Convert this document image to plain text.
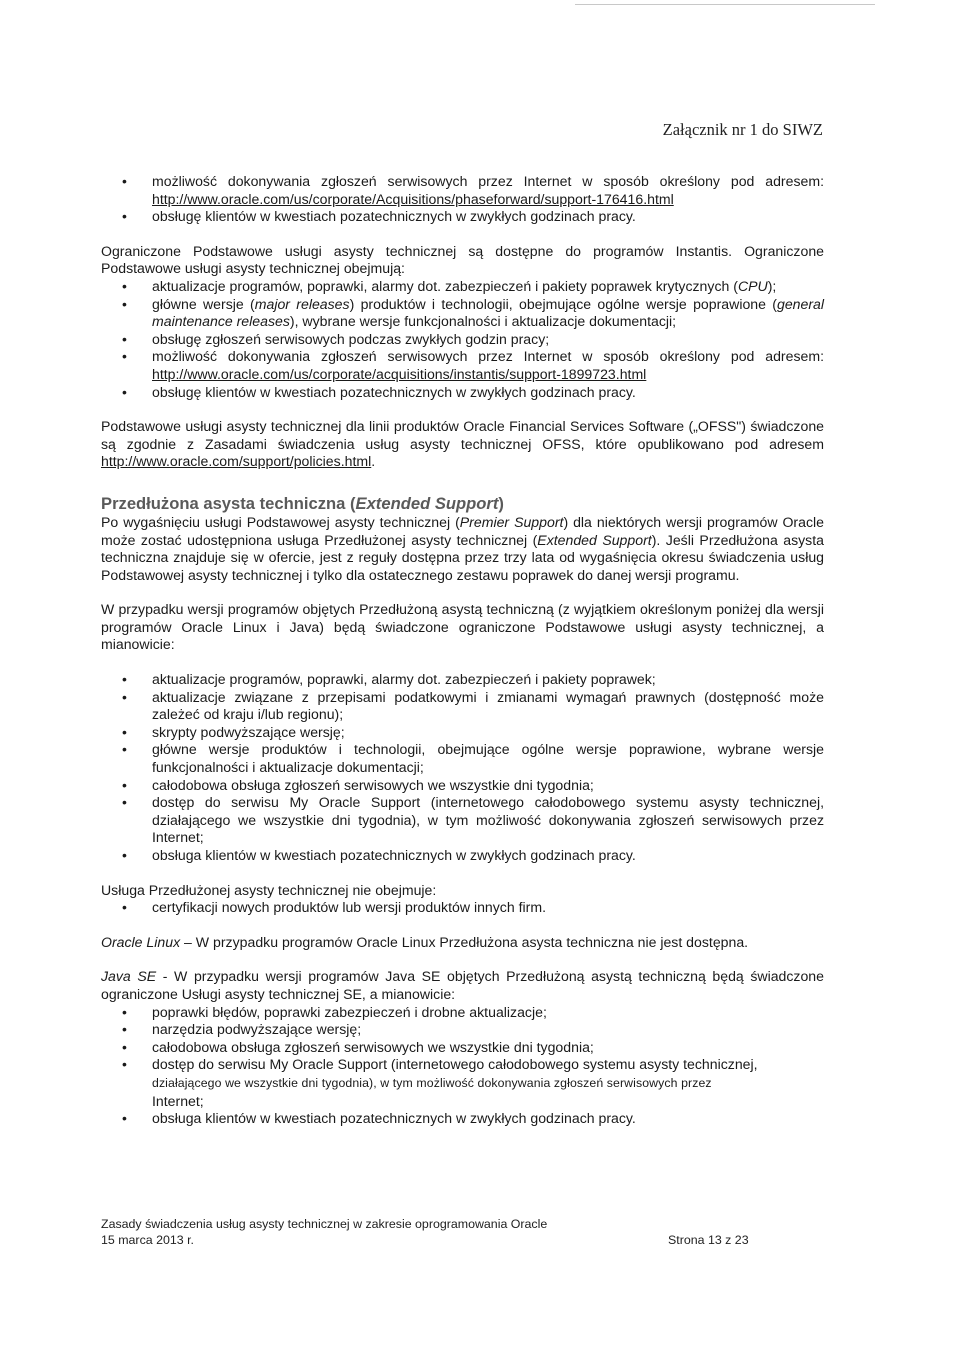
Załącznik nr 1 do SIWZ
• możliwość dokonywania zgłoszeń serwisowych przez Internet w sposób określony pod adresem: http://www.oracle.com/us/corporate/Acquisitions/phaseforward/support-176416.html
• obsługę klientów w kwestiach pozatechnicznych w zwykłych godzinach pracy.

Ograniczone Podstawowe usługi asysty technicznej są dostępne do programów Instantis. Ograniczone Podstawowe usługi asysty technicznej obejmują:

• aktualizacje programów, poprawki, alarmy dot. zabezpieczeń i pakiety poprawek krytycznych (CPU);
• główne wersje (major releases) produktów i technologii, obejmujące ogólne wersje poprawione (general maintenance releases), wybrane wersje funkcjonalności i aktualizacje dokumentacji;
• obsługę zgłoszeń serwisowych podczas zwykłych godzin pracy;
• możliwość dokonywania zgłoszeń serwisowych przez Internet w sposób określony pod adresem: http://www.oracle.com/us/corporate/acquisitions/instantis/support-1899723.html
• obsługę klientów w kwestiach pozatechnicznych w zwykłych godzinach pracy.

Podstawowe usługi asysty technicznej dla linii produktów Oracle Financial Services Software („OFSS") świadczone są zgodnie z Zasadami świadczenia usług asysty technicznej OFSS, które opublikowano pod adresem http://www.oracle.com/support/policies.html.

Przedłużona asysta techniczna (Extended Support)

Po wygaśnięciu usługi Podstawowej asysty technicznej (Premier Support) dla niektórych wersji programów Oracle może zostać udostępniona usługa Przedłużonej asysty technicznej (Extended Support). Jeśli Przedłużona asysta techniczna znajduje się w ofercie, jest z reguły dostępna przez trzy lata od wygaśnięcia okresu świadczenia usług Podstawowej asysty technicznej i tylko dla ostatecznego zestawu poprawek do danej wersji programu.

W przypadku wersji programów objętych Przedłużoną asystą techniczną (z wyjątkiem określonym poniżej dla wersji programów Oracle Linux i Java) będą świadczone ograniczone Podstawowe usługi asysty technicznej, a mianowicie:

• aktualizacje programów, poprawki, alarmy dot. zabezpieczeń i pakiety poprawek;
• aktualizacje związane z przepisami podatkowymi i zmianami wymagań prawnych (dostępność może zależeć od kraju i/lub regionu);
• skrypty podwyższające wersję;
• główne wersje produktów i technologii, obejmujące ogólne wersje poprawione, wybrane wersje funkcjonalności i aktualizacje dokumentacji;
• całodobowa obsługa zgłoszeń serwisowych we wszystkie dni tygodnia;
• dostęp do serwisu My Oracle Support (internetowego całodobowego systemu asysty technicznej, działającego we wszystkie dni tygodnia), w tym możliwość dokonywania zgłoszeń serwisowych przez Internet;
• obsługa klientów w kwestiach pozatechnicznych w zwykłych godzinach pracy.

Usługa Przedłużonej asysty technicznej nie obejmuje:

• certyfikacji nowych produktów lub wersji produktów innych firm.

Oracle Linux – W przypadku programów Oracle Linux Przedłużona asysta techniczna nie jest dostępna.

Java SE - W przypadku wersji programów Java SE objętych Przedłużoną asystą techniczną będą świadczone ograniczone Usługi asysty technicznej SE, a mianowicie:

• poprawki błędów, poprawki zabezpieczeń i drobne aktualizacje;
• narzędzia podwyższające wersję;
• całodobowa obsługa zgłoszeń serwisowych we wszystkie dni tygodnia;
• dostęp do serwisu My Oracle Support (internetowego całodobowego systemu asysty technicznej,
działającego we wszystkie dni tygodnia), w tym możliwość dokonywania zgłoszeń serwisowych przez
Internet;
• obsługa klientów w kwestiach pozatechnicznych w zwykłych godzinach pracy.
Zasady świadczenia usług asysty technicznej w zakresie oprogramowania Oracle
15 marca 2013 r.	Strona 13 z 23
